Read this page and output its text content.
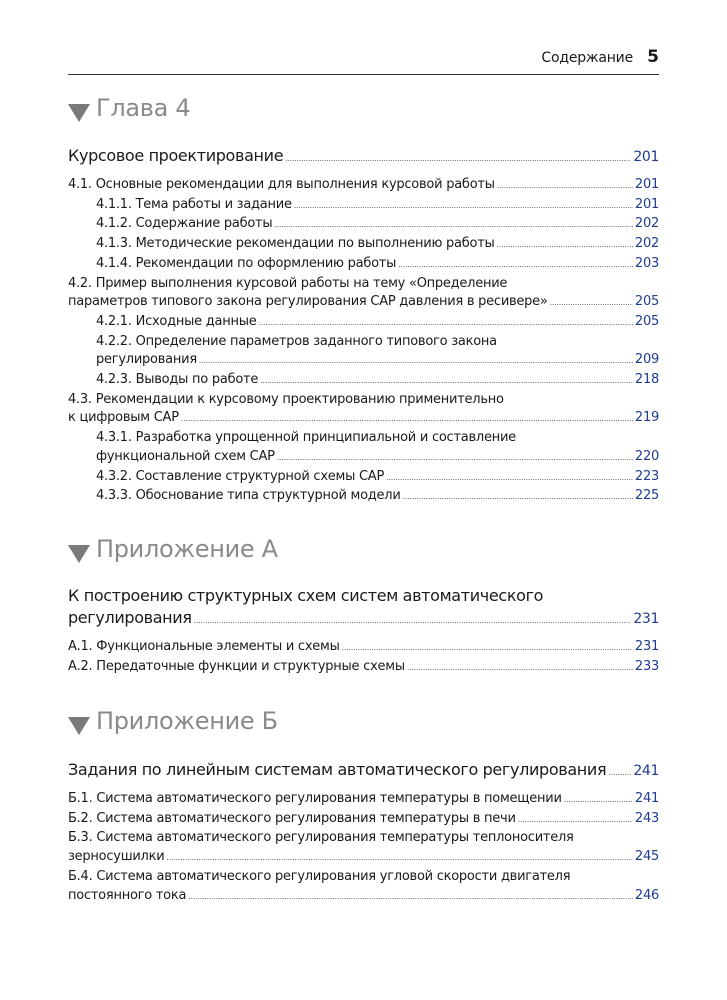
Содержание 5
Глава 4
Курсовое проектирование . . .	201
4.1. Основные рекомендации для выполнения курсовой работы . . .	201
4.1.1. Тема работы и задание . . .	201
4.1.2. Содержание работы . . .	202
4.1.3. Методические рекомендации по выполнению работы . . .	202
4.1.4. Рекомендации по оформлению работы . . .	203
4.2. Пример выполнения курсовой работы на тему «Определение
параметров типового закона регулирования САР давления в ресивере» . . .	205
4.2.1. Исходные данные . . .	205
4.2.2. Определение параметров заданного типового закона
регулирования . . .	209
4.2.3. Выводы по работе . . .	218
4.3. Рекомендации к курсовому проектированию применительно
к цифровым САР . . .	219
4.3.1. Разработка упрощенной принципиальной и составление
функциональной схем САР . . .	220
4.3.2. Составление структурной схемы САР . . .	223
4.3.3. Обоснование типа структурной модели . . .	225
Приложение А
К построению структурных схем систем автоматического
регулирования . . .	231
А.1. Функциональные элементы и схемы . . .	231
А.2. Передаточные функции и структурные схемы . . .	233
Приложение Б
Задания по линейным системам автоматического регулирования . . . 241
Б.1. Система автоматического регулирования температуры в помещении . . .	241
Б.2. Система автоматического регулирования температуры в печи . . .	243
Б.3. Система автоматического регулирования температуры теплоносителя
зерносушилки . . .	245
Б.4. Система автоматического регулирования угловой скорости двигателя
постоянного тока . . .	246
